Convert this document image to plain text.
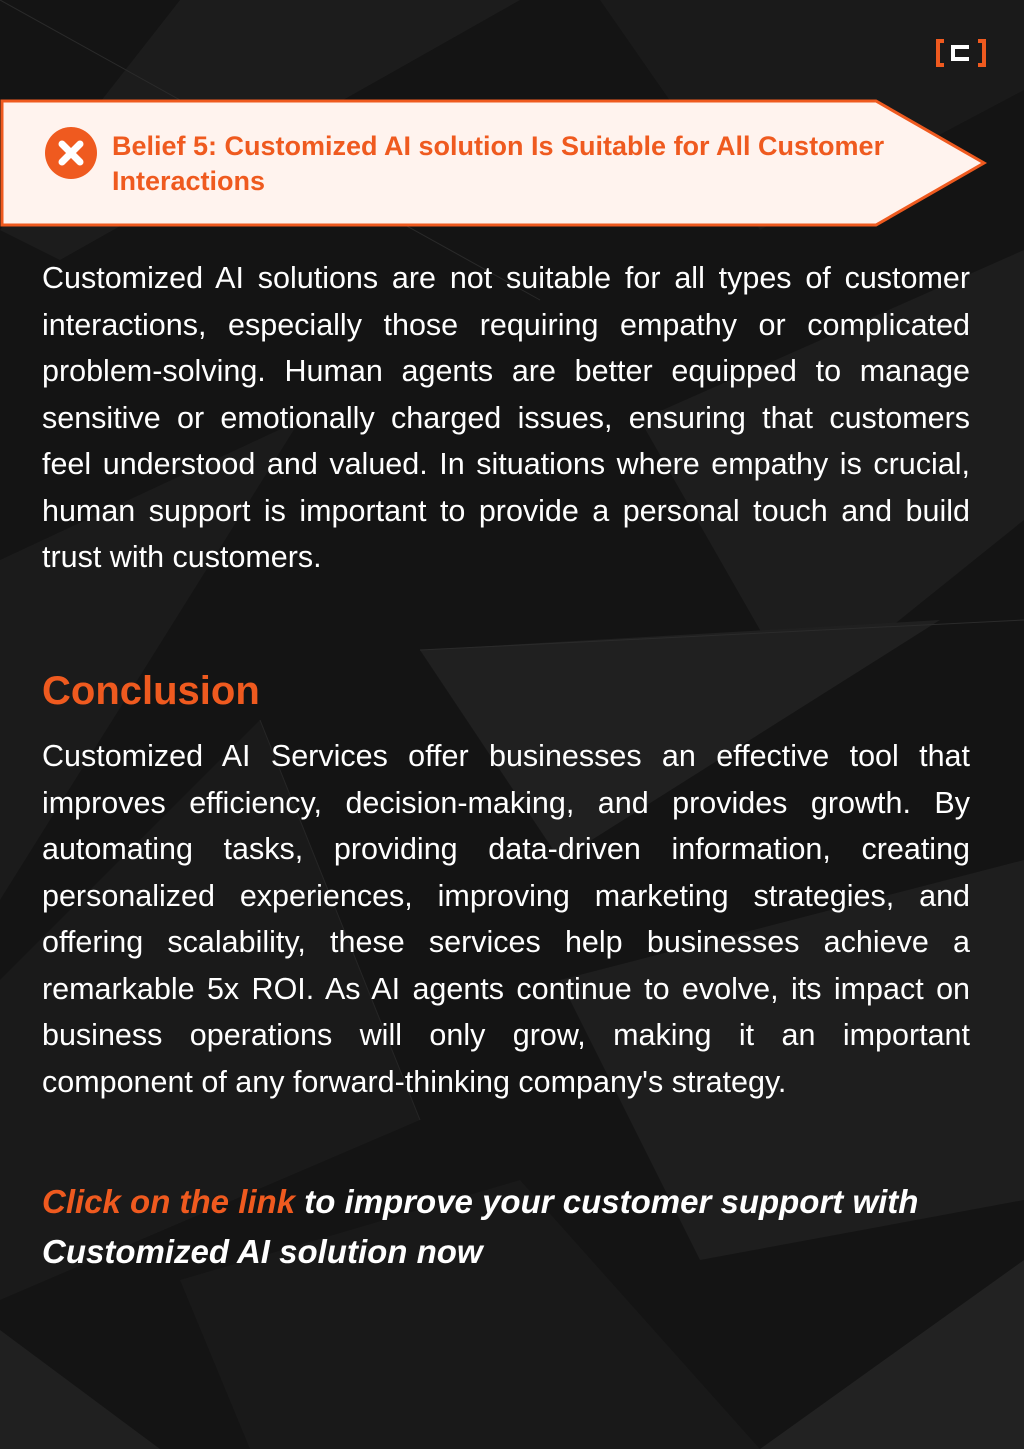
Belief 5: Customized AI solution Is Suitable for All Customer Interactions

Customized AI solutions are not suitable for all types of customer interactions, especially those requiring empathy or complicated problem-solving. Human agents are better equipped to manage sensitive or emotionally charged issues, ensuring that customers feel understood and valued. In situations where empathy is crucial, human support is important to provide a personal touch and build trust with customers.

Conclusion

Customized AI Services offer businesses an effective tool that improves efficiency, decision-making, and provides growth. By automating tasks, providing data-driven information, creating personalized experiences, improving marketing strategies, and offering scalability, these services help businesses achieve a remarkable 5x ROI. As AI agents continue to evolve, its impact on business operations will only grow, making it an important component of any forward-thinking company's strategy.

Click on the link to improve your customer support with Customized AI solution now
